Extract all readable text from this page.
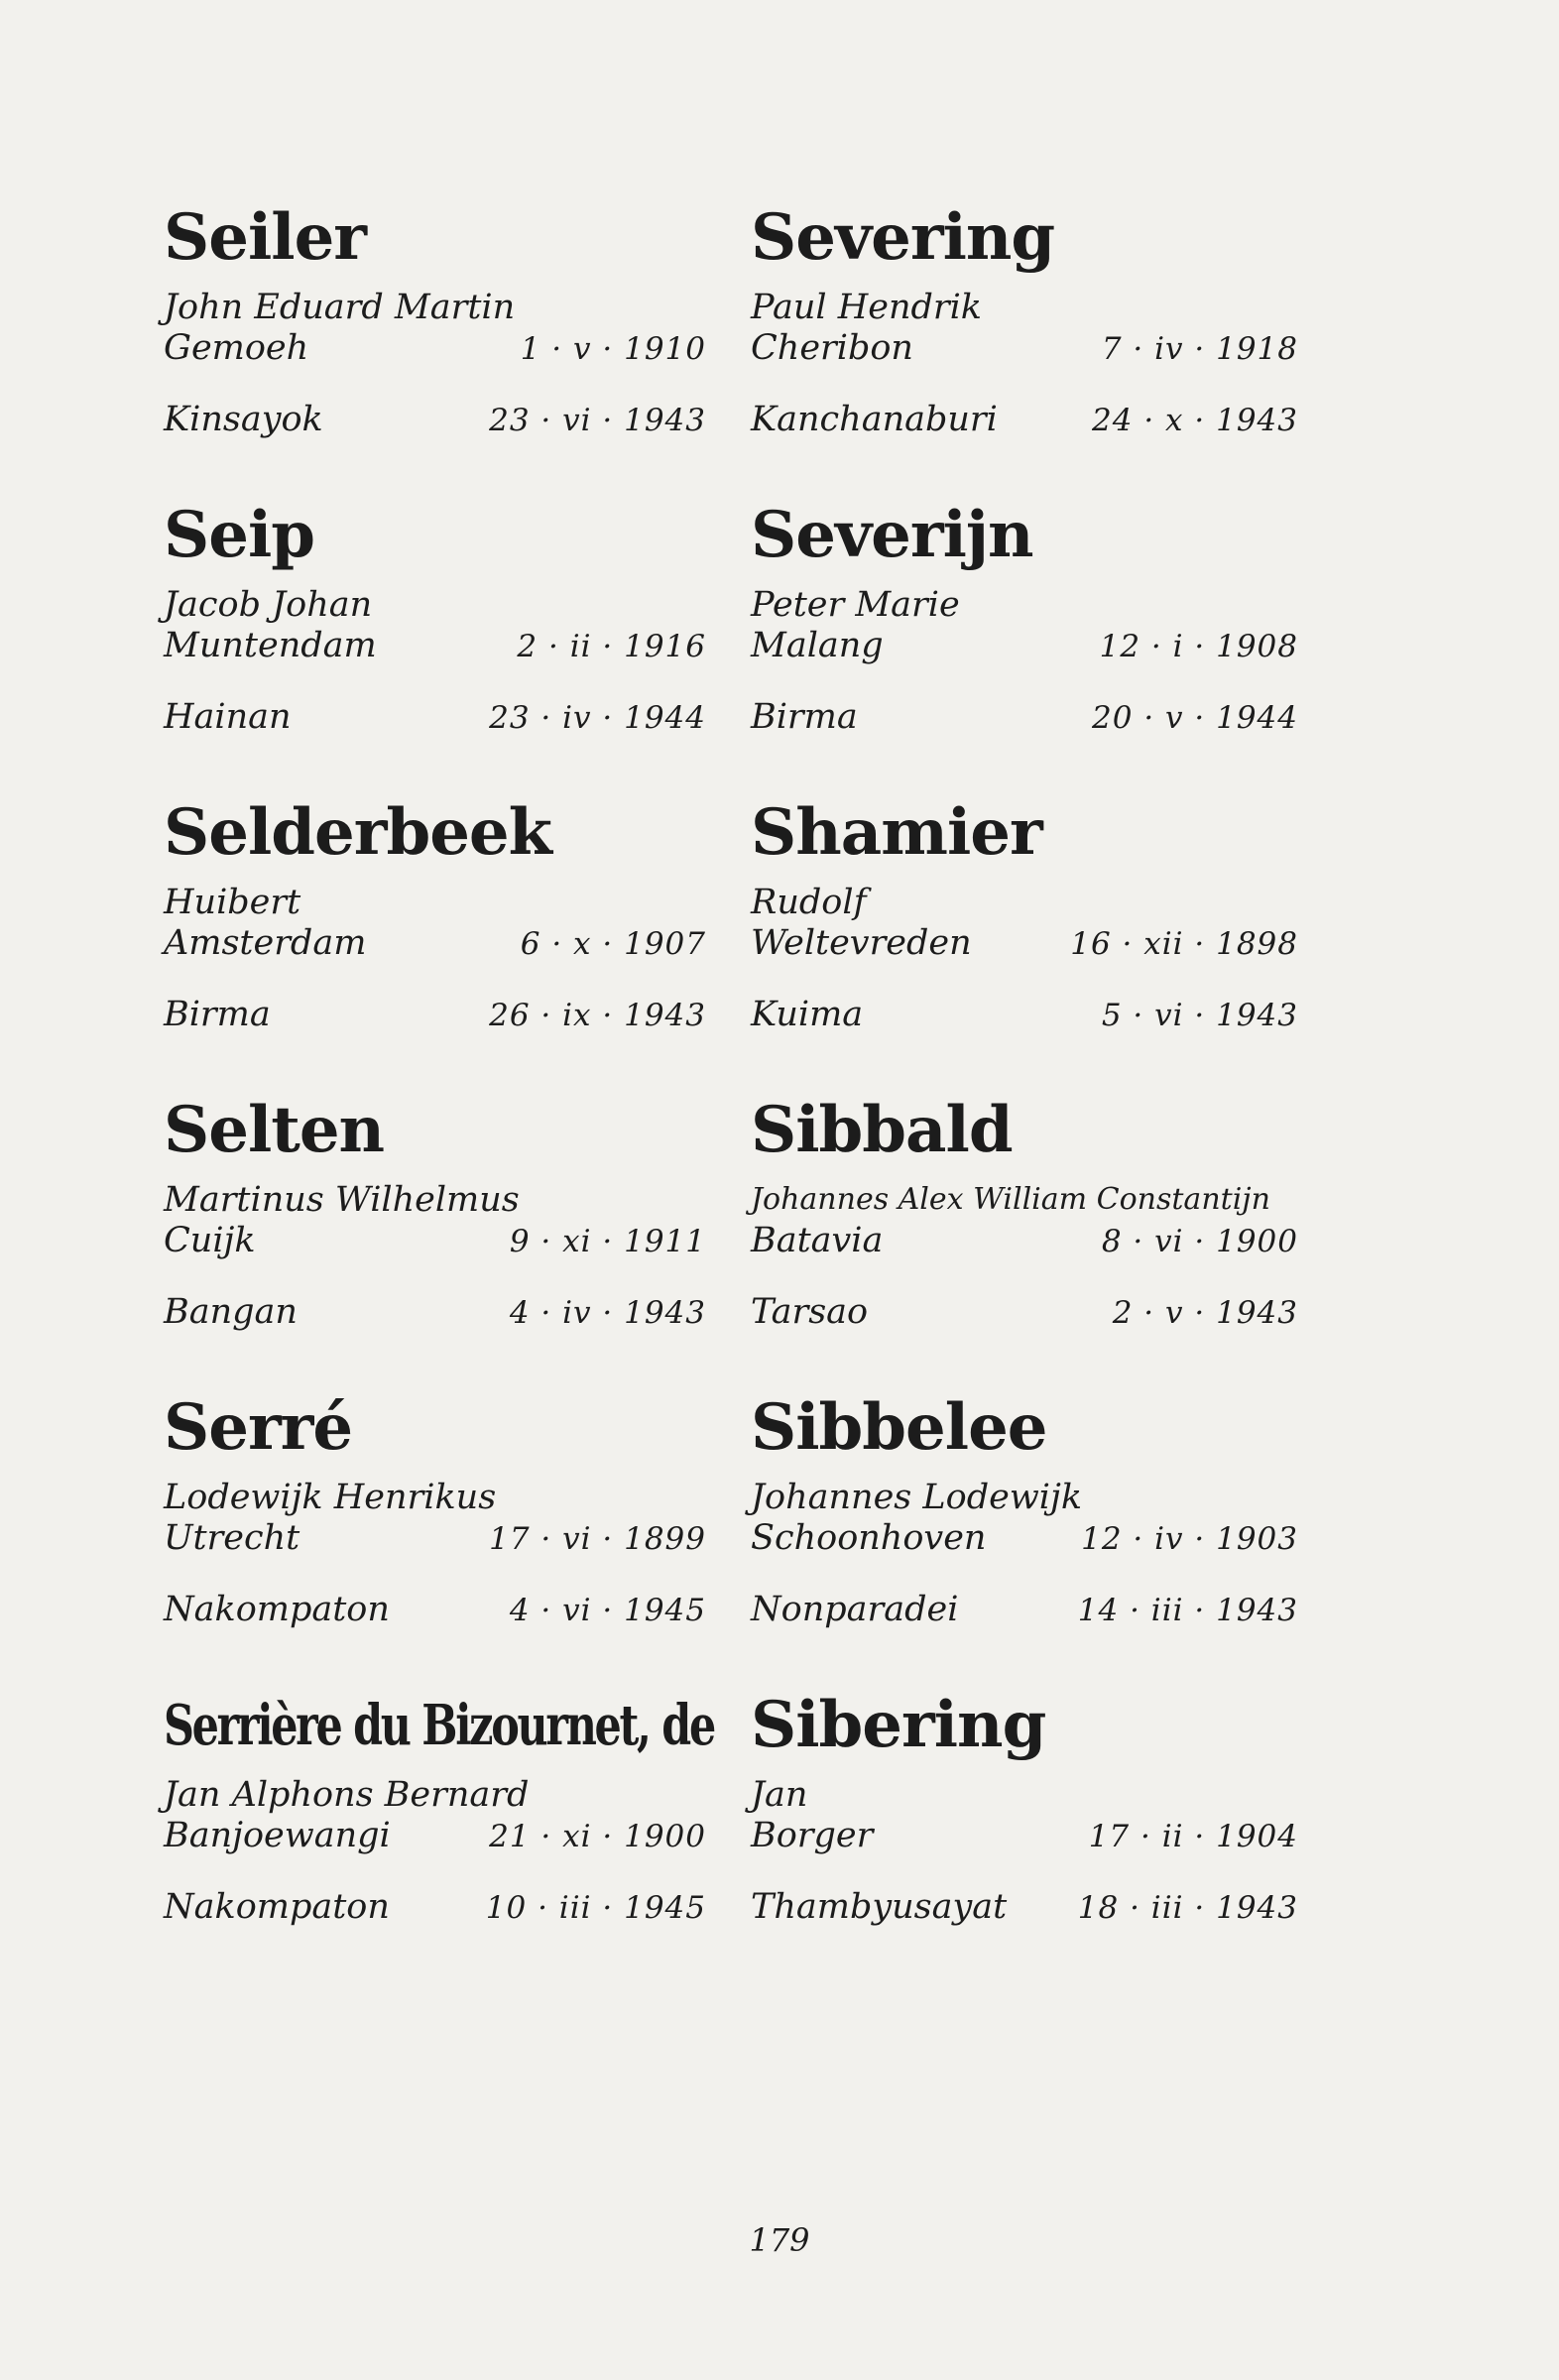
Seiler
John Eduard Martin
Gemoeh	1 · v · 1910
Kinsayok	23 · vi · 1943
Seip
Jacob Johan
Muntendam	2 · ii · 1916
Hainan	23 · iv · 1944
Selderbeek
Huibert
Amsterdam	6 · x · 1907
Birma	26 · ix · 1943
Selten
Martinus Wilhelmus
Cuijk	9 · xi · 1911
Bangan	4 · iv · 1943
Serré
Lodewijk Henrikus
Utrecht	17 · vi · 1899
Nakompaton	4 · vi · 1945
Serrière du Bizournet, de
Jan Alphons Bernard
Banjoewangi	21 · xi · 1900
Nakompaton	10 · iii · 1945
Severing
Paul Hendrik
Cheribon	7 · iv · 1918
Kanchanaburi	24 · x · 1943
Severijn
Peter Marie
Malang	12 · i · 1908
Birma	20 · v · 1944
Shamier
Rudolf
Weltevreden	16 · xii · 1898
Kuima	5 · vi · 1943
Sibbald
Johannes Alex William Constantijn
Batavia	8 · vi · 1900
Tarsao	2 · v · 1943
Sibbelee
Johannes Lodewijk
Schoonhoven	12 · iv · 1903
Nonparadei	14 · iii · 1943
Sibering
Jan
Borger	17 · ii · 1904
Thambyusayat 18 · iii · 1943
179
